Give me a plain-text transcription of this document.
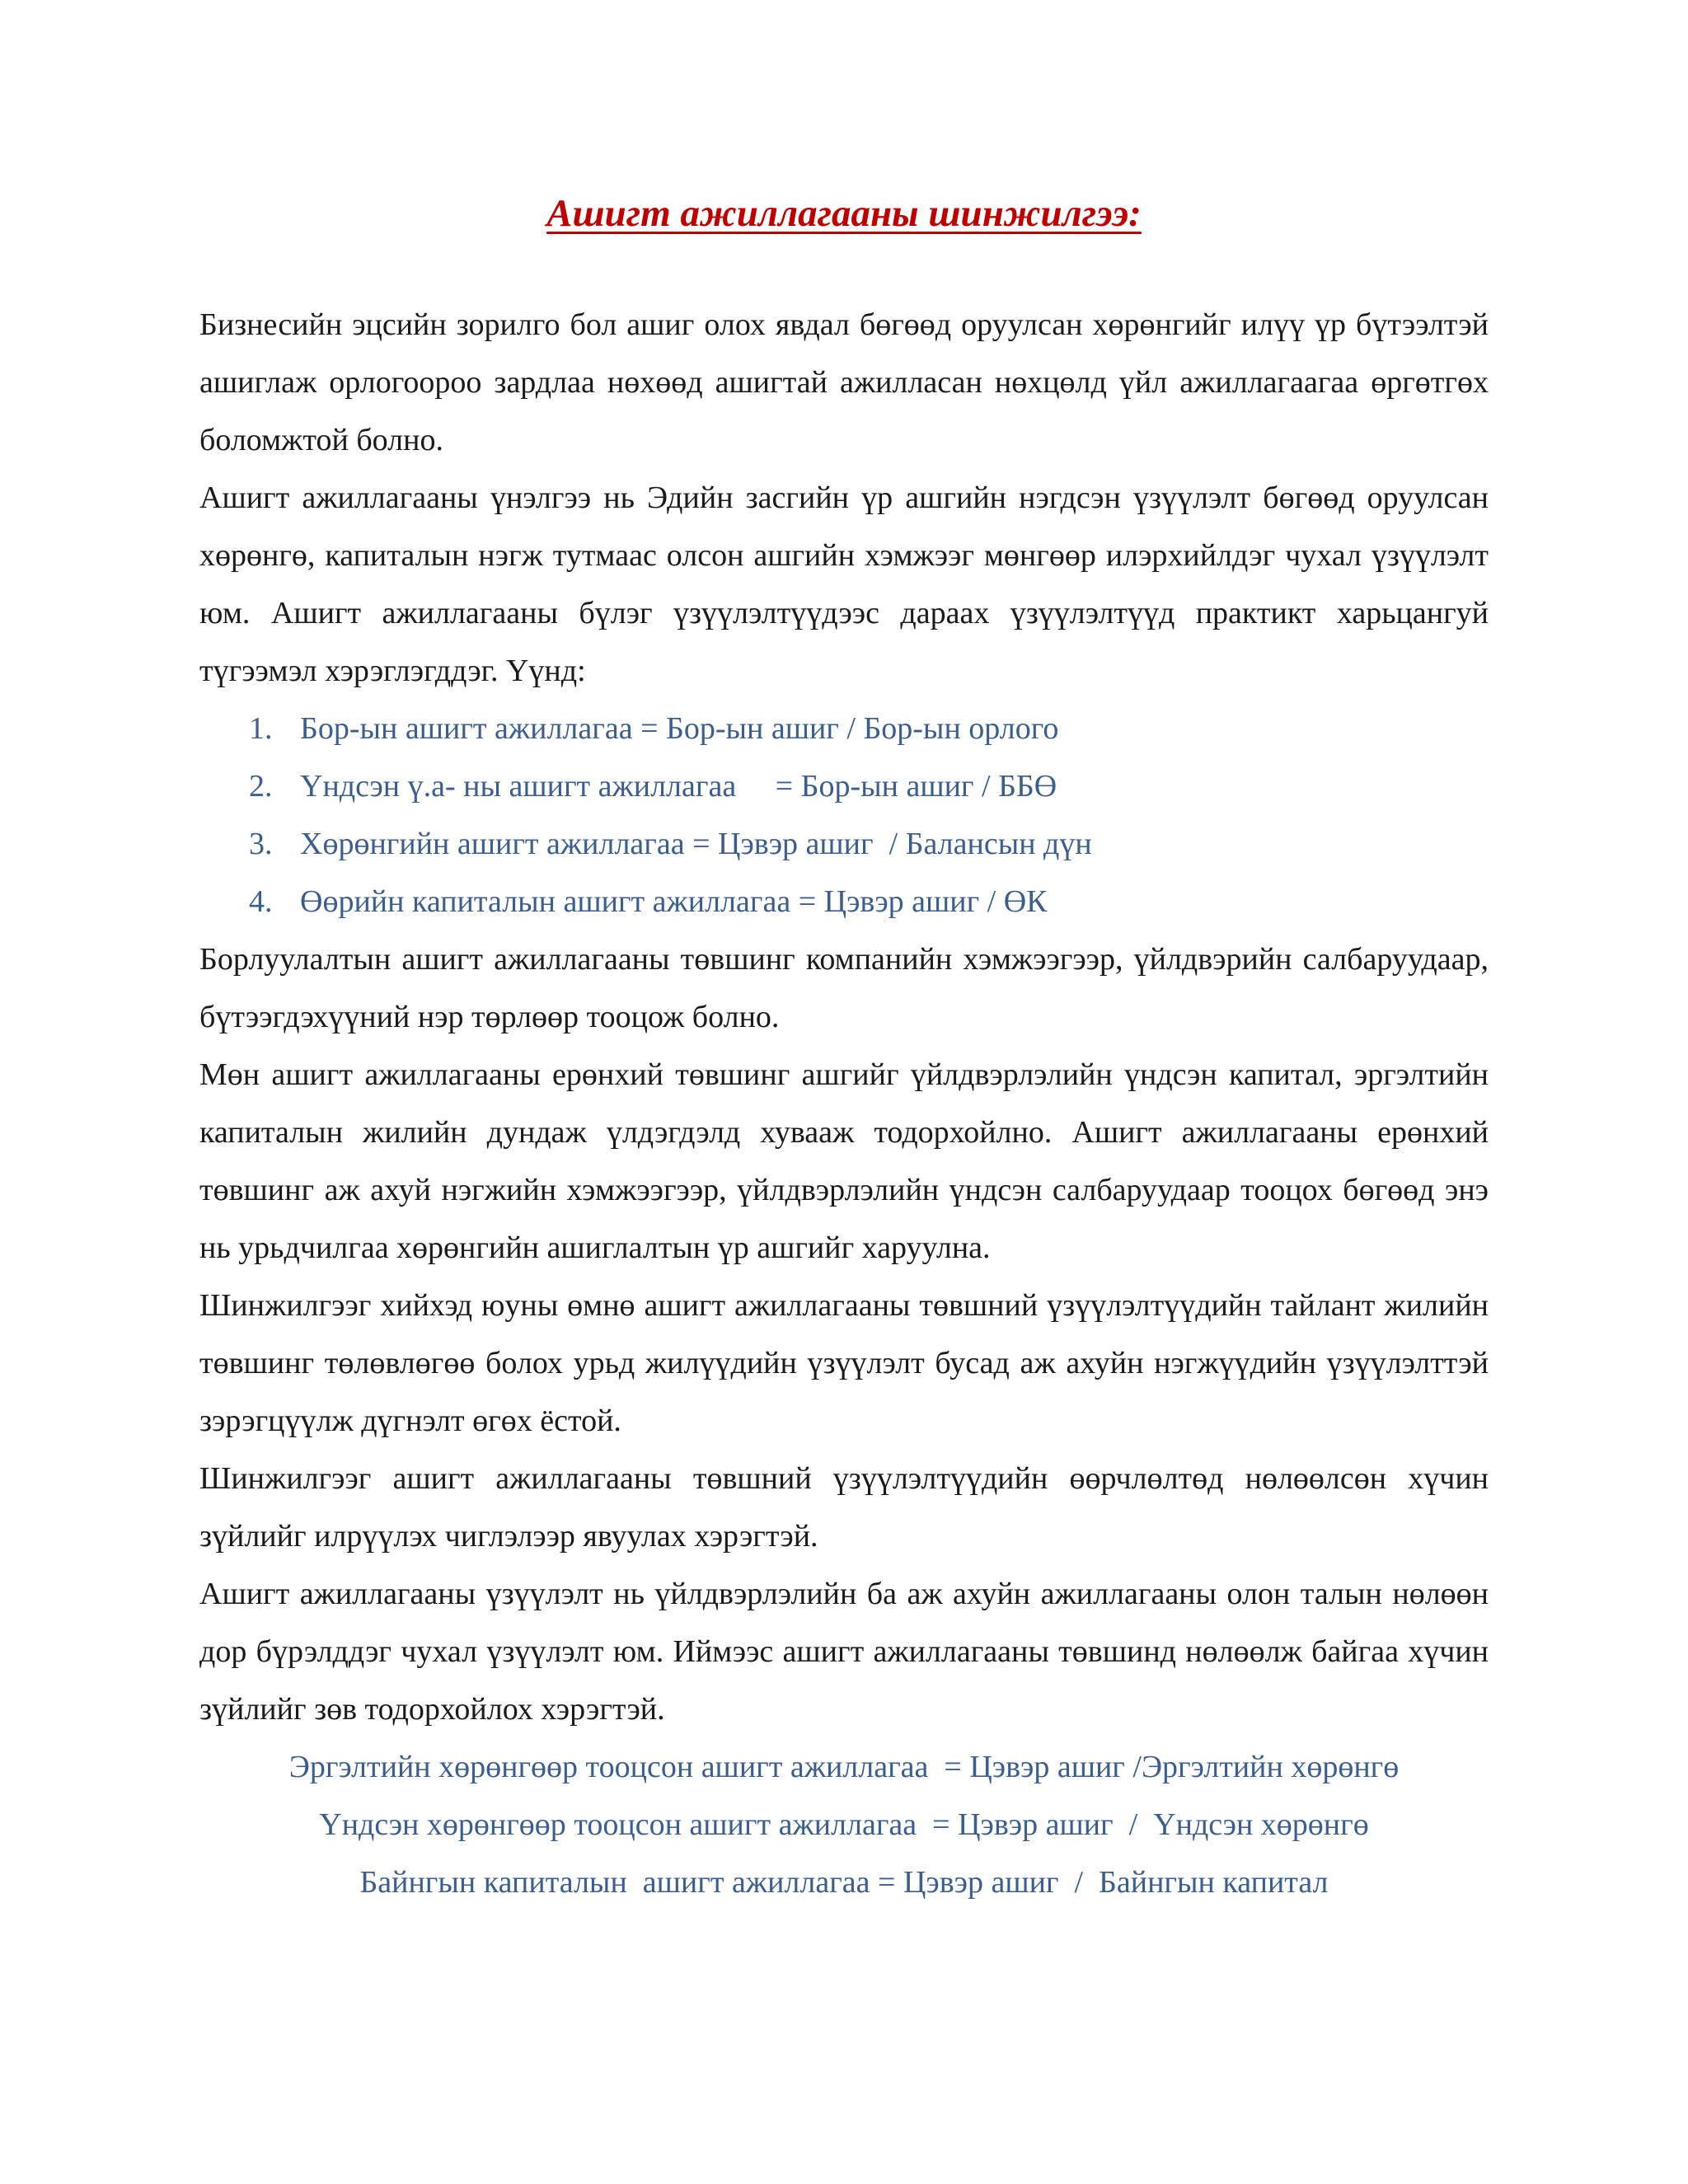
Ашигт ажиллагааны шинжилгээ:

Бизнесийн эцсийн зорилго бол ашиг олох явдал бөгөөд оруулсан хөрөнгийг илүү үр бүтээлтэй ашиглаж орлогоороо зардлаа нөхөөд ашигтай ажилласан нөхцөлд үйл ажиллагаагаа өргөтгөх боломжтой болно.

Ашигт ажиллагааны үнэлгээ нь Эдийн засгийн үр ашгийн нэгдсэн үзүүлэлт бөгөөд оруулсан хөрөнгө, капиталын нэгж тутмаас олсон ашгийн хэмжээг мөнгөөр илэрхийлдэг чухал үзүүлэлт юм. Ашигт ажиллагааны бүлэг үзүүлэлтүүдээс дараах үзүүлэлтүүд практикт харьцангуй түгээмэл хэрэглэгддэг. Үүнд:

1. Бор-ын ашигт ажиллагаа = Бор-ын ашиг / Бор-ын орлого
2. Үндсэн ү.а- ны ашигт ажиллагаа     = Бор-ын ашиг / ББӨ
3. Хөрөнгийн ашигт ажиллагаа = Цэвэр ашиг  / Балансын дүн
4. Өөрийн капиталын ашигт ажиллагаа = Цэвэр ашиг / ӨК

Борлуулалтын ашигт ажиллагааны төвшинг компанийн хэмжээгээр, үйлдвэрийн салбаруудаар, бүтээгдэхүүний нэр төрлөөр тооцож болно.

Мөн ашигт ажиллагааны ерөнхий төвшинг ашгийг үйлдвэрлэлийн үндсэн капитал, эргэлтийн капиталын жилийн дундаж үлдэгдэлд хувааж тодорхойлно. Ашигт ажиллагааны ерөнхий төвшинг аж ахуй нэгжийн хэмжээгээр, үйлдвэрлэлийн үндсэн салбаруудаар тооцох бөгөөд энэ нь урьдчилгаа хөрөнгийн ашиглалтын үр ашгийг харуулна.

Шинжилгээг хийхэд юуны өмнө ашигт ажиллагааны төвшний үзүүлэлтүүдийн тайлант жилийн төвшинг төлөвлөгөө болох урьд жилүүдийн үзүүлэлт бусад аж ахуйн нэгжүүдийн үзүүлэлттэй зэрэгцүүлж дүгнэлт өгөх ёстой.

Шинжилгээг ашигт ажиллагааны төвшний үзүүлэлтүүдийн өөрчлөлтөд нөлөөлсөн хүчин зүйлийг илрүүлэх чиглэлээр явуулах хэрэгтэй.

Ашигт ажиллагааны үзүүлэлт нь үйлдвэрлэлийн ба аж ахуйн ажиллагааны олон талын нөлөөн дор бүрэлддэг чухал үзүүлэлт юм. Иймээс ашигт ажиллагааны төвшинд нөлөөлж байгаа хүчин зүйлийг зөв тодорхойлох хэрэгтэй.

Эргэлтийн хөрөнгөөр тооцсон ашигт ажиллагаа  = Цэвэр ашиг /Эргэлтийн хөрөнгө

Үндсэн хөрөнгөөр тооцсон ашигт ажиллагаа  = Цэвэр ашиг  /  Үндсэн хөрөнгө

Байнгын капиталын  ашигт ажиллагаа = Цэвэр ашиг  /  Байнгын капитал
